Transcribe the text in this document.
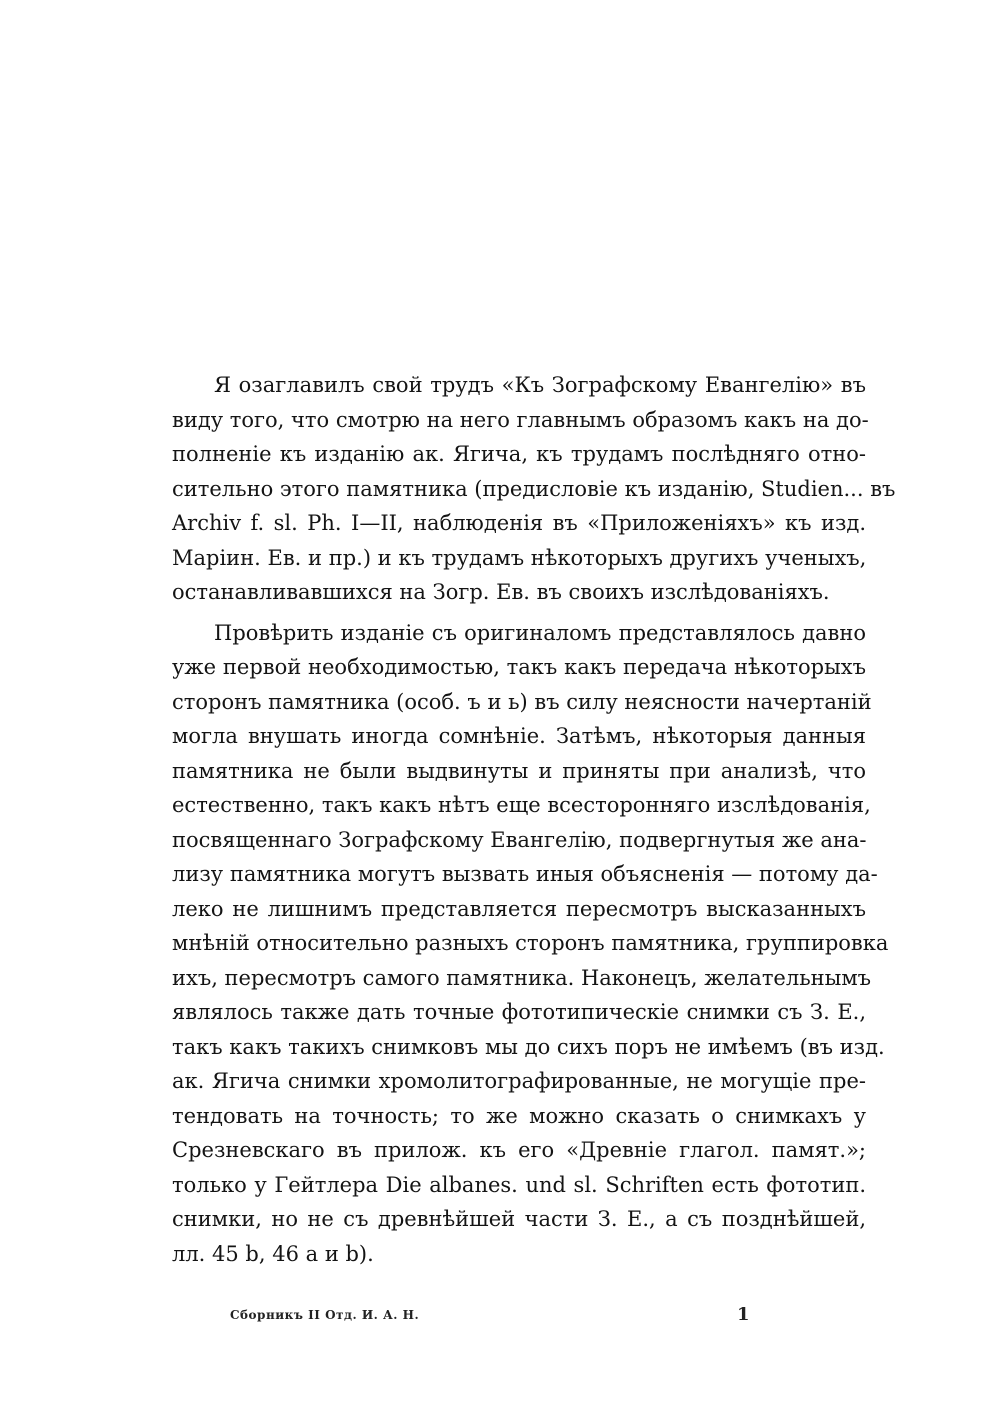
Я озаглавилъ свой трудъ «Къ Зографскому Евангелію» въ
виду того, что смотрю на него главнымъ образомъ какъ на до-
полненіе къ изданію ак. Ягича, къ трудамъ послѣдняго отно-
сительно этого памятника (предисловіе къ изданію, Studien... въ
Archiv f. sl. Ph. I—II, наблюденія въ «Приложеніяхъ» къ изд.
Маріин. Ев. и пр.) и къ трудамъ нѣкоторыхъ другихъ ученыхъ,
останавливавшихся на Зогр. Ев. въ своихъ изслѣдованіяхъ.
Провѣрить изданіе съ оригиналомъ представлялось давно
уже первой необходимостью, такъ какъ передача нѣкоторыхъ
сторонъ памятника (особ. ъ и ь) въ силу неясности начертаній
могла внушать иногда сомнѣніе. Затѣмъ, нѣкоторыя данныя
памятника не были выдвинуты и приняты при анализѣ, что
естественно, такъ какъ нѣтъ еще всесторонняго изслѣдованія,
посвященнаго Зографскому Евангелію, подвергнутыя же ана-
лизу памятника могутъ вызвать иныя объясненія — потому да-
леко не лишнимъ представляется пересмотръ высказанныхъ
мнѣній относительно разныхъ сторонъ памятника, группировка
ихъ, пересмотръ самого памятника. Наконецъ, желательнымъ
являлось также дать точные фототипическіе снимки съ З. Е.,
такъ какъ такихъ снимковъ мы до сихъ поръ не имѣемъ (въ изд.
ак. Ягича снимки хромолитографированные, не могущіе пре-
тендовать на точность; то же можно сказать о снимкахъ у
Срезневскаго въ прилож. къ его «Древніе глагол. памят.»;
только у Гейтлера Die albanes. und sl. Schriften есть фототип.
снимки, но не съ древнѣйшей части З. Е., а съ позднѣйшей,
лл. 45 b, 46 a и b).
Сборникъ II Отд. И. А. Н.	1
